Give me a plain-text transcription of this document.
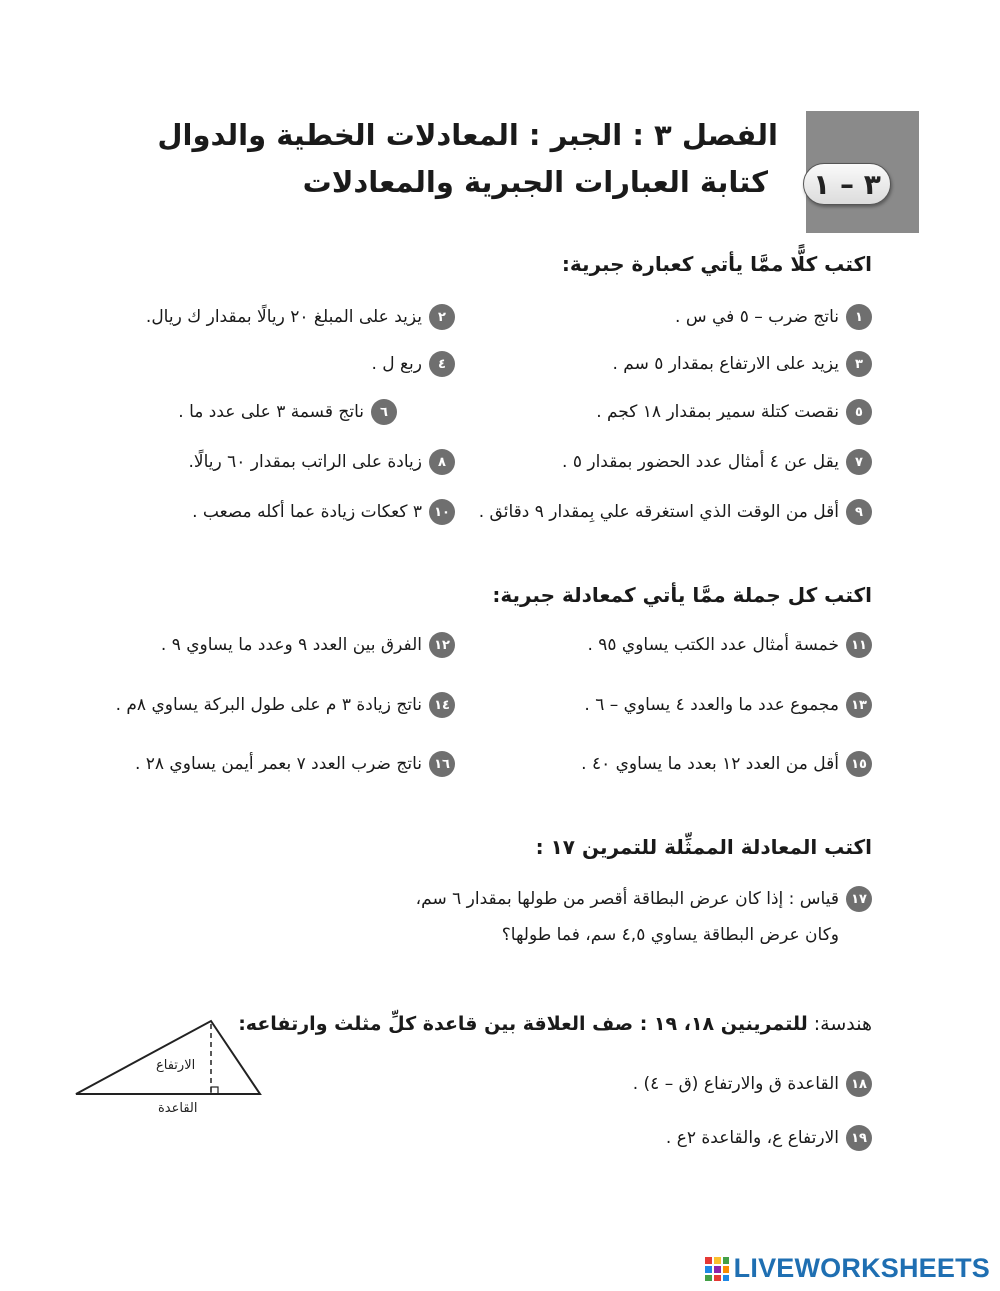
٣ – ١
الفصل ٣ : الجبر : المعادلات الخطية والدوال
كتابة العبارات الجبرية والمعادلات
اكتب كلًّا ممَّا يأتي كعبارة جبرية:
١
ناتج ضرب – ٥ في س .
٢
يزيد على المبلغ ٢٠ ريالًا بمقدار ك ريال.
٣
يزيد على الارتفاع بمقدار ٥ سم .
٤
ربع ل .
٥
نقصت كتلة سمير بمقدار ١٨ كجم .
٦
ناتج قسمة ٣ على عدد ما .
٧
يقل عن ٤ أمثال عدد الحضور بمقدار ٥ .
٨
زيادة على الراتب بمقدار ٦٠ ريالًا.
٩
أقل من الوقت الذي استغرقه علي بِمقدار ٩ دقائق .
١٠
٣ كعكات زيادة عما أكله مصعب .
اكتب كل جملة ممَّا يأتي كمعادلة جبرية:
١١
خمسة أمثال عدد الكتب يساوي ٩٥ .
١٢
الفرق بين العدد ٩ وعدد ما يساوي ٩ .
١٣
مجموع عدد ما والعدد ٤ يساوي – ٦ .
١٤
ناتج زيادة ٣ م على طول البركة يساوي ٨م .
١٥
أقل من العدد ١٢ بعدد ما يساوي ٤٠ .
١٦
ناتج ضرب العدد ٧ بعمر أيمن يساوي ٢٨ .
اكتب المعادلة الممثِّلة للتمرين ١٧ :
١٧
قياس : إذا كان عرض البطاقة أقصر من طولها بمقدار ٦ سم،
وكان عرض البطاقة يساوي ٤,٥ سم، فما طولها؟
هندسة: للتمرينين ١٨، ١٩ : صف العلاقة بين قاعدة كلِّ مثلث وارتفاعه:
١٨
القاعدة ق والارتفاع (ق – ٤) .
١٩
الارتفاع ع، والقاعدة ٢ع .
الارتفاع
القاعدة
LIVEWORKSHEETS
